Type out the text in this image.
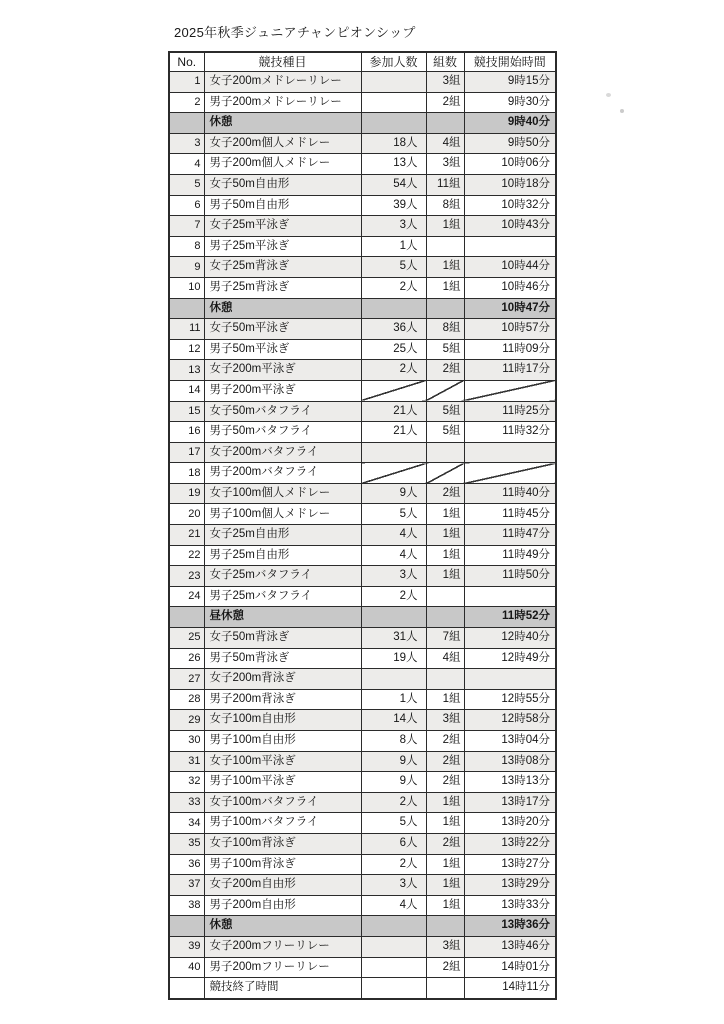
2025年秋季ジュニアチャンピオンシップ
No.	競技種目	参加人数	組数	競技開始時間
1	女子200mメドレーリレー		3組	9時15分
2	男子200mメドレーリレー		2組	9時30分
	休憩			9時40分
3	女子200m個人メドレー	18人	4組	9時50分
4	男子200m個人メドレー	13人	3組	10時06分
5	女子50m自由形	54人	11組	10時18分
6	男子50m自由形	39人	8組	10時32分
7	女子25m平泳ぎ	3人	1組	10時43分
8	男子25m平泳ぎ	1人		
9	女子25m背泳ぎ	5人	1組	10時44分
10	男子25m背泳ぎ	2人	1組	10時46分
	休憩			10時47分
11	女子50m平泳ぎ	36人	8組	10時57分
12	男子50m平泳ぎ	25人	5組	11時09分
13	女子200m平泳ぎ	2人	2組	11時17分
14	男子200m平泳ぎ			
15	女子50mバタフライ	21人	5組	11時25分
16	男子50mバタフライ	21人	5組	11時32分
17	女子200mバタフライ			
18	男子200mバタフライ			
19	女子100m個人メドレー	9人	2組	11時40分
20	男子100m個人メドレー	5人	1組	11時45分
21	女子25m自由形	4人	1組	11時47分
22	男子25m自由形	4人	1組	11時49分
23	女子25mバタフライ	3人	1組	11時50分
24	男子25mバタフライ	2人		
	昼休憩			11時52分
25	女子50m背泳ぎ	31人	7組	12時40分
26	男子50m背泳ぎ	19人	4組	12時49分
27	女子200m背泳ぎ			
28	男子200m背泳ぎ	1人	1組	12時55分
29	女子100m自由形	14人	3組	12時58分
30	男子100m自由形	8人	2組	13時04分
31	女子100m平泳ぎ	9人	2組	13時08分
32	男子100m平泳ぎ	9人	2組	13時13分
33	女子100mバタフライ	2人	1組	13時17分
34	男子100mバタフライ	5人	1組	13時20分
35	女子100m背泳ぎ	6人	2組	13時22分
36	男子100m背泳ぎ	2人	1組	13時27分
37	女子200m自由形	3人	1組	13時29分
38	男子200m自由形	4人	1組	13時33分
	休憩			13時36分
39	女子200mフリーリレー		3組	13時46分
40	男子200mフリーリレー		2組	14時01分
	競技終了時間			14時11分
